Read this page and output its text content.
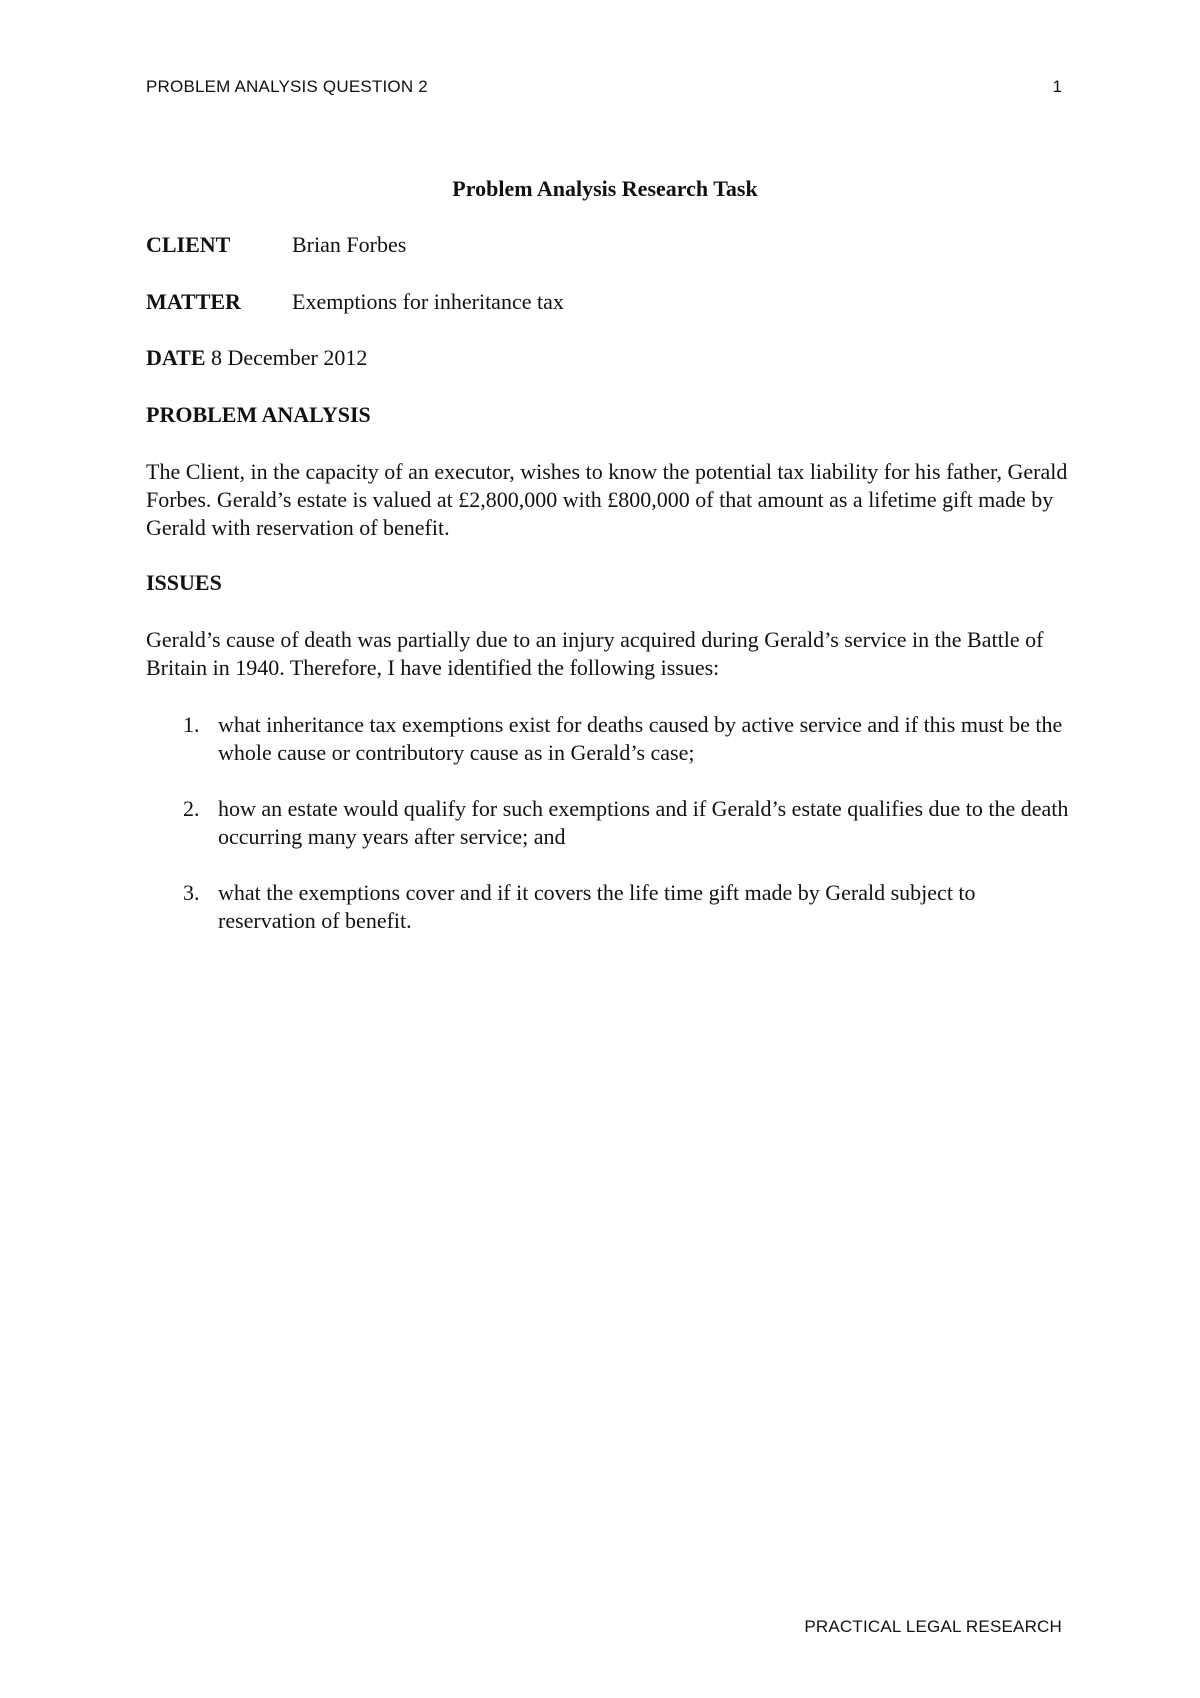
PROBLEM ANALYSIS QUESTION 2	1
Problem Analysis Research Task
CLIENT	Brian Forbes
MATTER Exemptions for inheritance tax
DATE 8 December 2012
PROBLEM ANALYSIS
The Client, in the capacity of an executor, wishes to know the potential tax liability for his father, Gerald Forbes. Gerald’s estate is valued at £2,800,000 with £800,000 of that amount as a lifetime gift made by Gerald with reservation of benefit.
ISSUES
Gerald’s cause of death was partially due to an injury acquired during Gerald’s service in the Battle of Britain in 1940. Therefore, I have identified the following issues:
1. what inheritance tax exemptions exist for deaths caused by active service and if this must be the whole cause or contributory cause as in Gerald’s case;
2. how an estate would qualify for such exemptions and if Gerald’s estate qualifies due to the death occurring many years after service; and
3. what the exemptions cover and if it covers the life time gift made by Gerald subject to reservation of benefit.
PRACTICAL LEGAL RESEARCH
